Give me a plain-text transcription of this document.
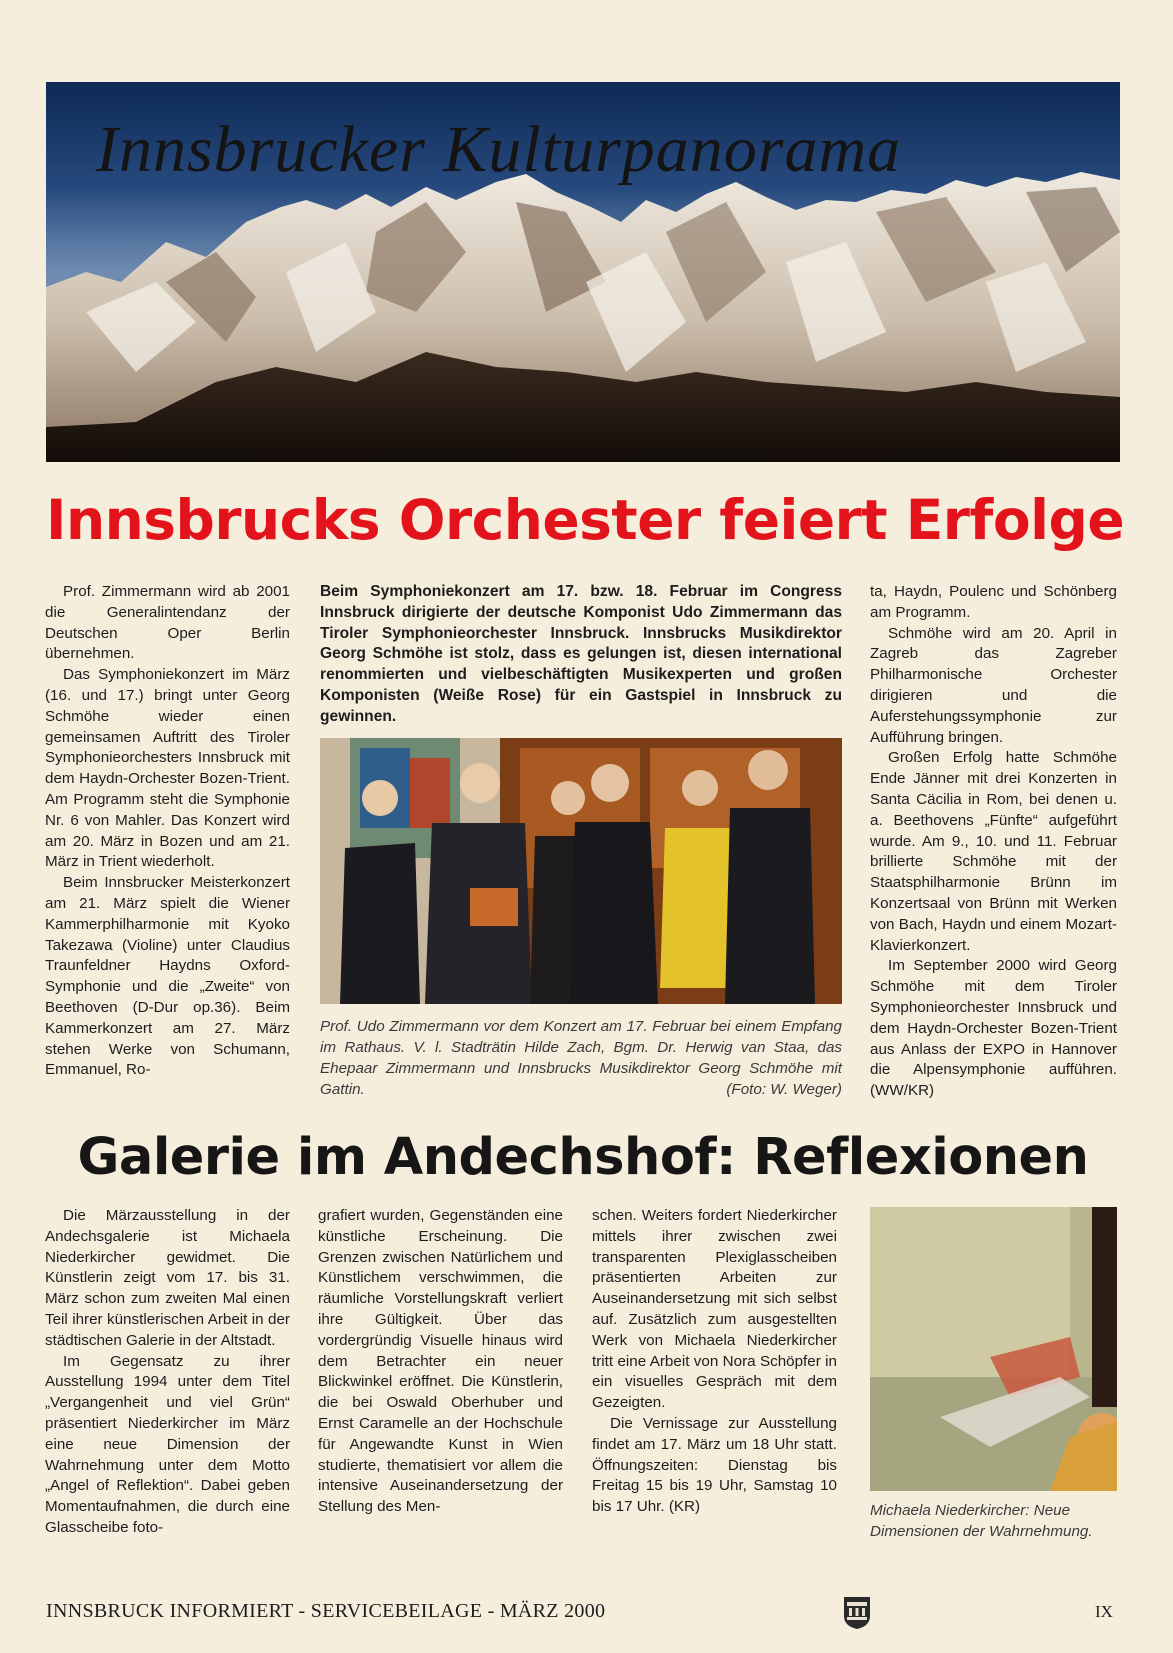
Innsbrucker Kulturpanorama
Innsbrucks Orchester feiert Erfolge

Prof. Zimmermann wird ab 2001 die Generalintendanz der Deutschen Oper Berlin übernehmen.

Das Symphoniekonzert im März (16. und 17.) bringt unter Georg Schmöhe wieder einen gemeinsamen Auftritt des Tiroler Symphonieorchesters Innsbruck mit dem Haydn-Orchester Bozen-Trient. Am Programm steht die Symphonie Nr. 6 von Mahler. Das Konzert wird am 20. März in Bozen und am 21. März in Trient wiederholt.

Beim Innsbrucker Meisterkonzert am 21. März spielt die Wiener Kammerphilharmonie mit Kyoko Takezawa (Violine) unter Claudius Traunfeldner Haydns Oxford-Symphonie und die „Zweite“ von Beethoven (D-Dur op.36). Beim Kammerkonzert am 27. März stehen Werke von Schumann, Emmanuel, Ro-

Beim Symphoniekonzert am 17. bzw. 18. Februar im Congress Innsbruck dirigierte der deutsche Komponist Udo Zimmermann das Tiroler Symphonieorchester Innsbruck. Innsbrucks Musikdirektor Georg Schmöhe ist stolz, dass es gelungen ist, diesen international renommierten und vielbeschäftigten Musikexperten und großen Komponisten (Weiße Rose) für ein Gastspiel in Innsbruck zu gewinnen.
Prof. Udo Zimmermann vor dem Konzert am 17. Februar bei einem Empfang im Rathaus. V. l. Stadträtin Hilde Zach, Bgm. Dr. Herwig van Staa, das Ehepaar Zimmermann und Innsbrucks Musikdirektor Georg Schmöhe mit Gattin.	(Foto: W. Weger)

ta, Haydn, Poulenc und Schönberg am Programm.

Schmöhe wird am 20. April in Zagreb das Zagreber Philharmonische Orchester dirigieren und die Auferstehungssymphonie zur Aufführung bringen.

Großen Erfolg hatte Schmöhe Ende Jänner mit drei Konzerten in Santa Cäcilia in Rom, bei denen u. a. Beethovens „Fünfte“ aufgeführt wurde. Am 9., 10. und 11. Februar brillierte Schmöhe mit der Staatsphilharmonie Brünn im Konzertsaal von Brünn mit Werken von Bach, Haydn und einem Mozart-Klavierkonzert.

Im September 2000 wird Georg Schmöhe mit dem Tiroler Symphonieorchester Innsbruck und dem Haydn-Orchester Bozen-Trient aus Anlass der EXPO in Hannover die Alpensymphonie aufführen. (WW/KR)

Galerie im Andechshof: Reflexionen

Die Märzausstellung in der Andechsgalerie ist Michaela Niederkircher gewidmet. Die Künstlerin zeigt vom 17. bis 31. März schon zum zweiten Mal einen Teil ihrer künstlerischen Arbeit in der städtischen Galerie in der Altstadt.

Im Gegensatz zu ihrer Ausstellung 1994 unter dem Titel „Vergangenheit und viel Grün“ präsentiert Niederkircher im März eine neue Dimension der Wahrnehmung unter dem Motto „Angel of Reflektion“. Dabei geben Momentaufnahmen, die durch eine Glasscheibe foto-

grafiert wurden, Gegenständen eine künstliche Erscheinung. Die Grenzen zwischen Natürlichem und Künstlichem verschwimmen, die räumliche Vorstellungskraft verliert ihre Gültigkeit. Über das vordergründig Visuelle hinaus wird dem Betrachter ein neuer Blickwinkel eröffnet. Die Künstlerin, die bei Oswald Oberhuber und Ernst Caramelle an der Hochschule für Angewandte Kunst in Wien studierte, thematisiert vor allem die intensive Auseinandersetzung der Stellung des Men-

schen. Weiters fordert Niederkircher mittels ihrer zwischen zwei transparenten Plexiglasscheiben präsentierten Arbeiten zur Auseinandersetzung mit sich selbst auf. Zusätzlich zum ausgestellten Werk von Michaela Niederkircher tritt eine Arbeit von Nora Schöpfer in ein visuelles Gespräch mit dem Gezeigten.

Die Vernissage zur Ausstellung findet am 17. März um 18 Uhr statt. Öffnungszeiten: Dienstag bis Freitag 15 bis 19 Uhr, Samstag 10 bis 17 Uhr. (KR)	Michaela Niederkircher: Neue Dimensionen der Wahrnehmung.
INNSBRUCK INFORMIERT - SERVICEBEILAGE - MÄRZ 2000	IX
